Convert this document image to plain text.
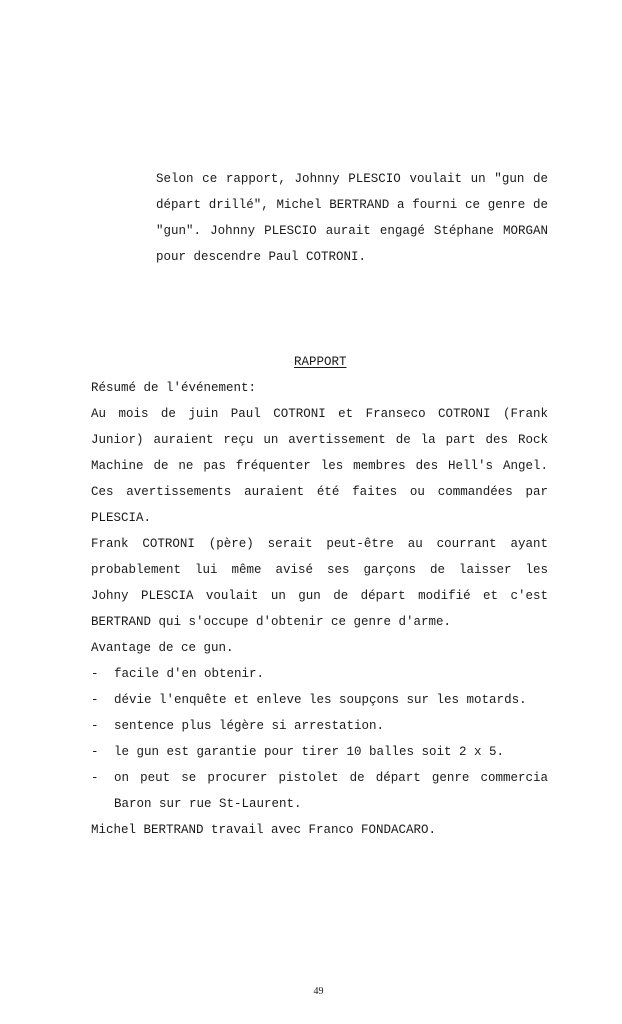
Selon ce rapport, Johnny PLESCIO voulait un "gun de
départ drillé", Michel BERTRAND a fourni ce genre de
"gun". Johnny PLESCIO aurait engagé Stéphane MORGAN
pour descendre Paul COTRONI.
RAPPORT
Résumé de l'événement:
Au mois de juin Paul COTRONI et Franseco COTRONI (Frank
Junior) auraient reçu un avertissement de la part des Rock
Machine de ne pas fréquenter les membres des Hell's Angel.
Ces avertissements auraient été faites ou commandées par
PLESCIA.
Frank COTRONI (père) serait peut-être au courrant ayant
probablement lui même avisé ses garçons de laisser les
Johny PLESCIA voulait un gun de départ modifié et c'est
BERTRAND qui s'occupe d'obtenir ce genre d'arme.
Avantage de ce gun.
- facile d'en obtenir.
- dévie l'enquête et enleve les soupçons sur les motards.
- sentence plus légère si arrestation.
- le gun est garantie pour tirer 10 balles soit 2 x 5.
- on peut se procurer pistolet de départ genre commercia
Baron sur rue St-Laurent.
Michel BERTRAND travail avec Franco FONDACARO.
49
